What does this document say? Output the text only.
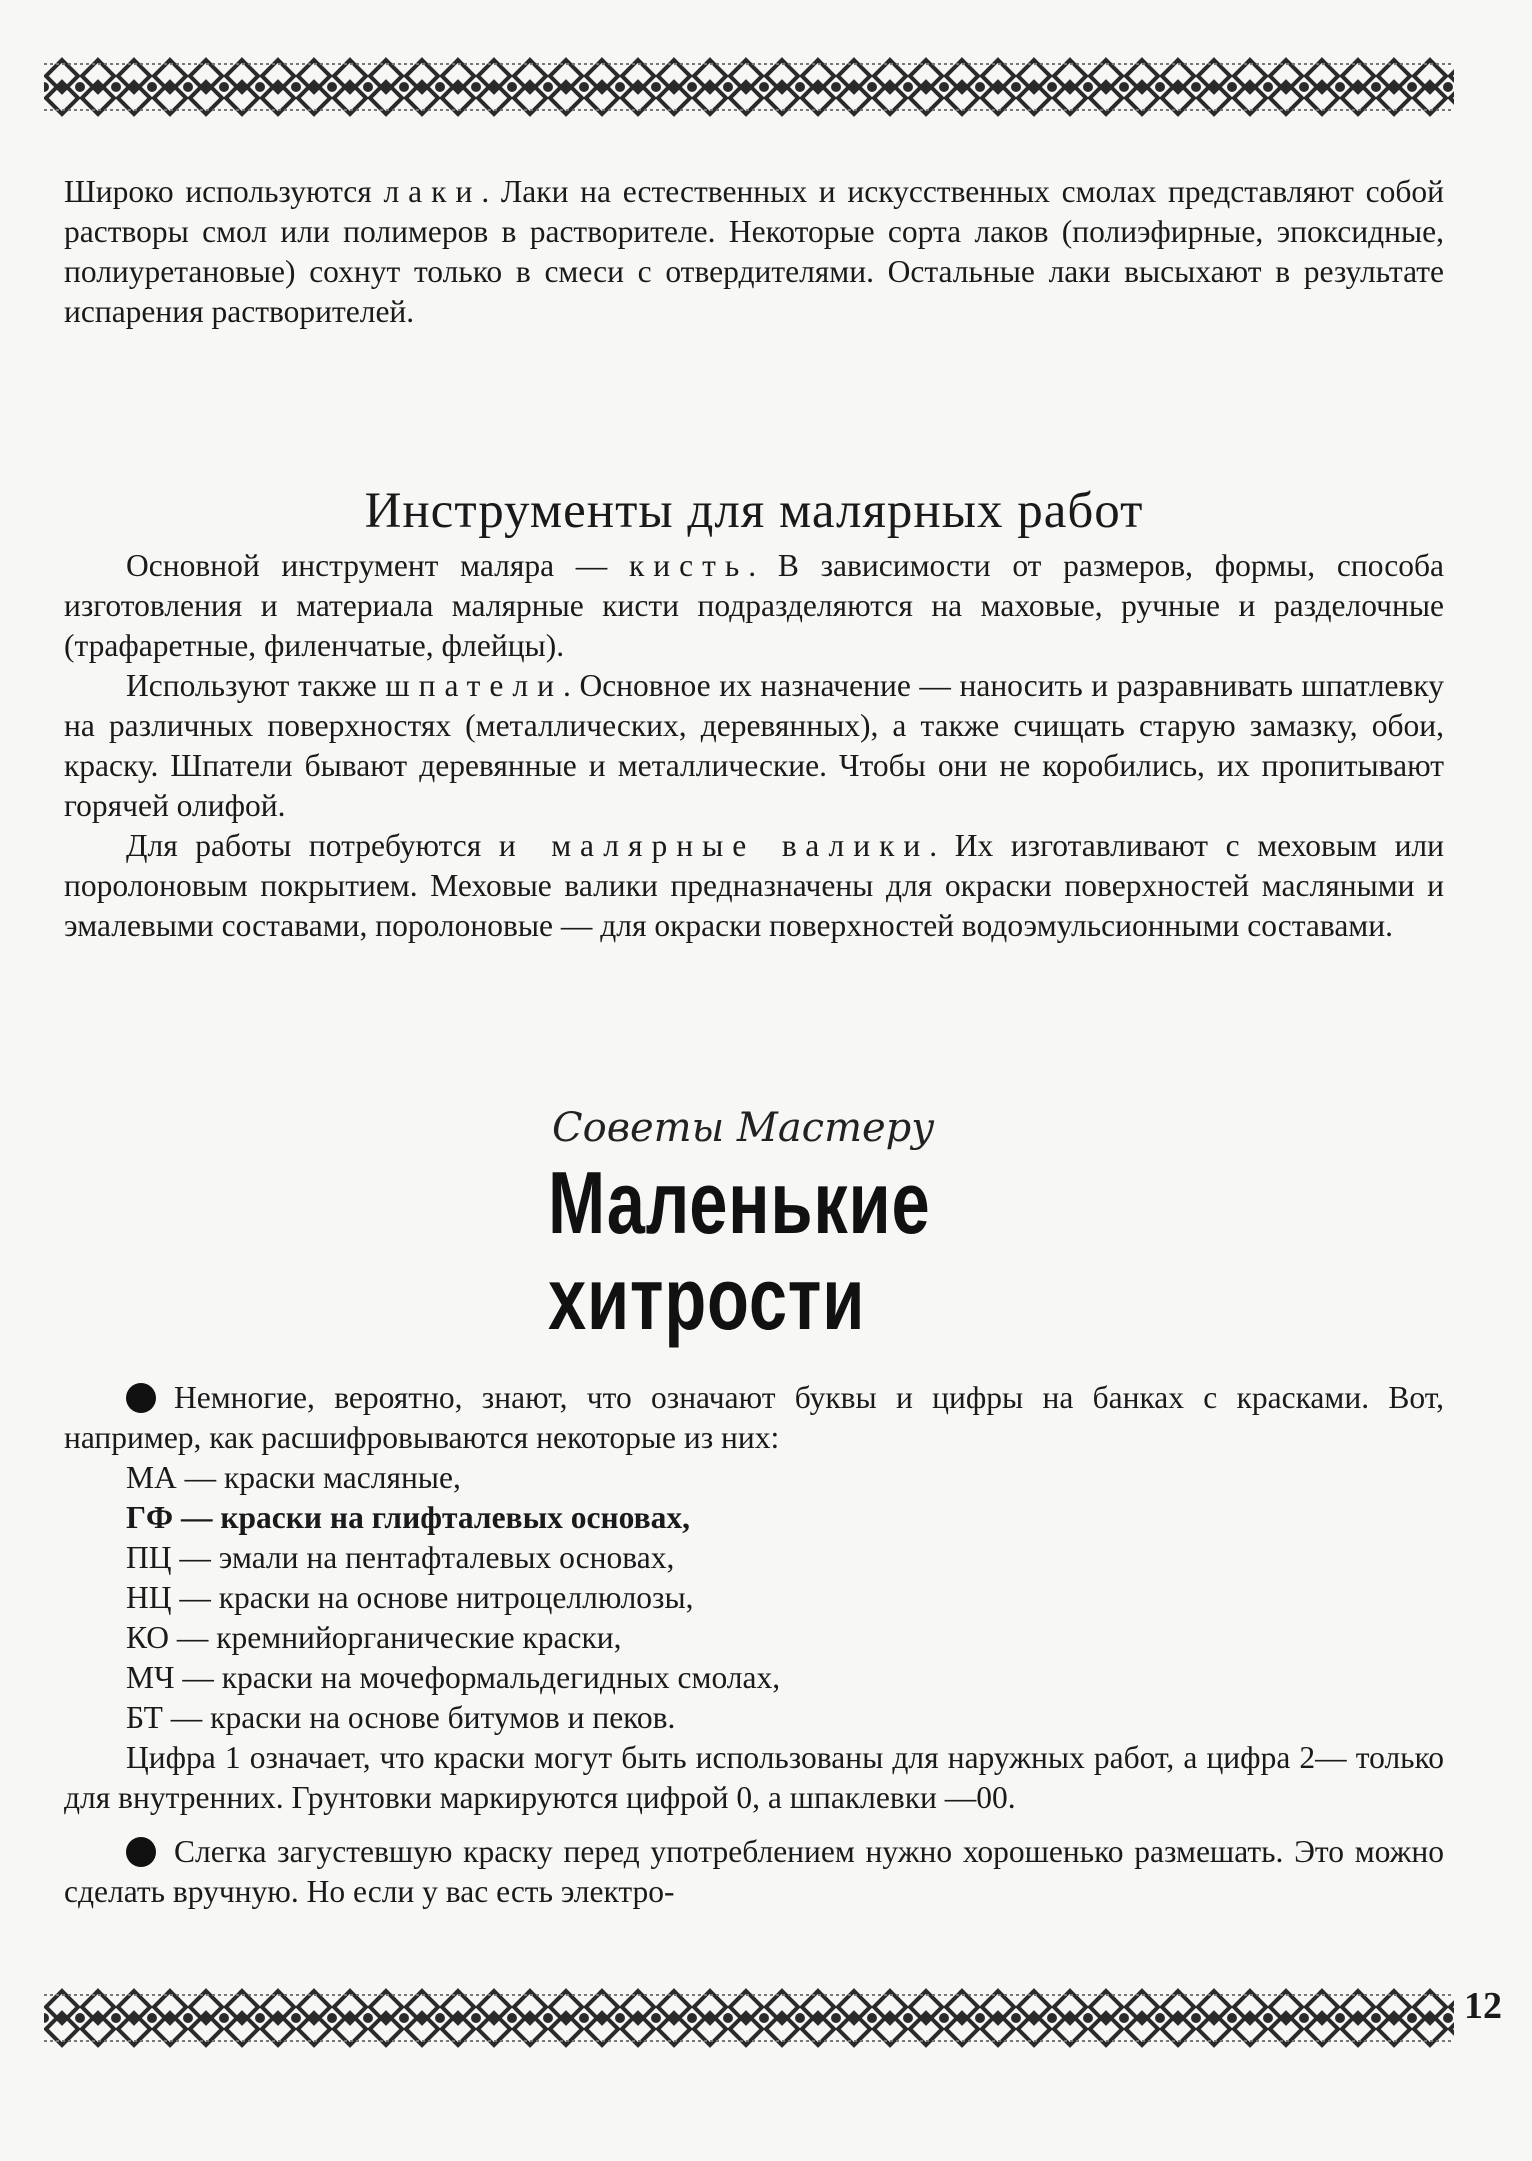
12

Широко используются лаки. Лаки на естественных и искусственных смолах представляют собой растворы смол или полимеров в растворителе. Некоторые сорта лаков (полиэфирные, эпоксидные, полиуретановые) сохнут только в смеси с отвердителями. Остальные лаки высыхают в результате испарения растворителей.

Инструменты для малярных работ

Основной инструмент маляра — кисть. В зависимости от размеров, формы, способа изготовления и материала малярные кисти подразделяются на маховые, ручные и разделочные (трафаретные, филенчатые, флейцы).

Используют также шпатели. Основное их назначение — наносить и разравнивать шпатлевку на различных поверхностях (металлических, деревянных), а также счищать старую замазку, обои, краску. Шпатели бывают деревянные и металлические. Чтобы они не коробились, их пропитывают горячей олифой.

Для работы потребуются и малярные валики. Их изготавливают с меховым или поролоновым покрытием. Меховые валики предназначены для окраски поверхностей масляными и эмалевыми составами, поролоновые — для окраски поверхностей водоэмульсионными составами.

Советы Мастеру
Маленькие
хитрости

Немногие, вероятно, знают, что означают буквы и цифры на банках с красками. Вот, например, как расшифровываются некоторые из них:

МА — краски масляные,
ГФ — краски на глифталевых основах,
ПЦ — эмали на пентафталевых основах,
НЦ — краски на основе нитроцеллюлозы,
КО — кремнийорганические краски,
МЧ — краски на мочеформальдегидных смолах,
БТ — краски на основе битумов и пеков.

Цифра 1 означает, что краски могут быть использованы для наружных работ, а цифра 2— только для внутренних. Грунтовки маркируются цифрой 0, а шпаклевки —00.

Слегка загустевшую краску перед употреблением нужно хорошенько размешать. Это можно сделать вручную. Но если у вас есть электро-
